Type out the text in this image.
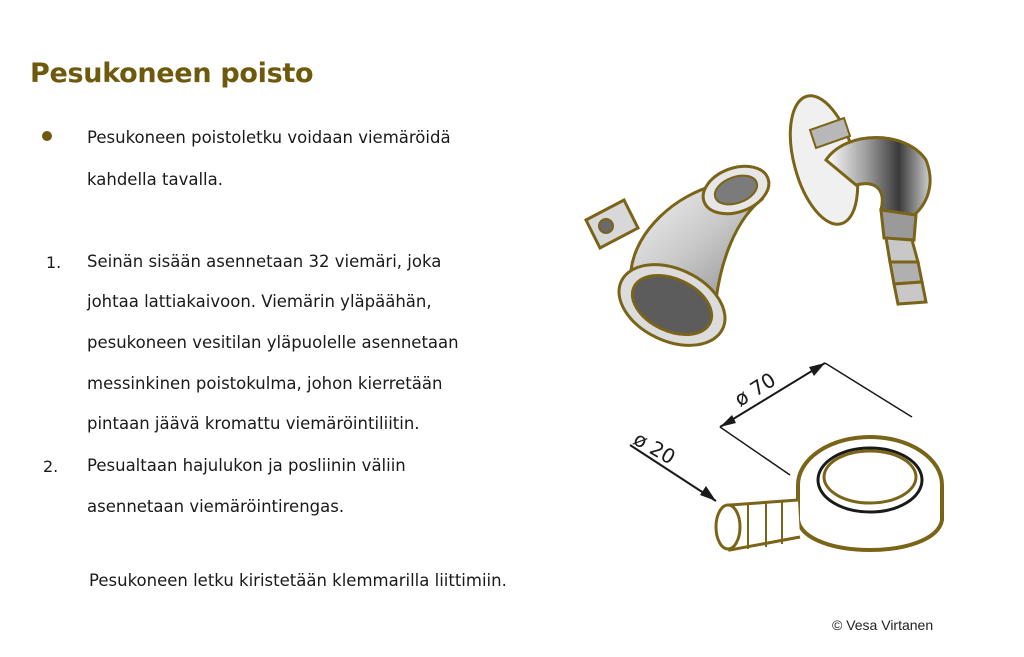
Pesukoneen poisto
Pesukoneen poistoletku voidaan viemäröidä
kahdella tavalla.
1. Seinän sisään asennetaan 32 viemäri, joka
johtaa lattiakaivoon. Viemärin yläpäähän,
pesukoneen vesitilan yläpuolelle asennetaan
messinkinen poistokulma, johon kierretään
pintaan jäävä kromattu viemäröintiliitin.
2. Pesualtaan hajulukon ja posliinin väliin
asennetaan viemäröintirengas.
Pesukoneen letku kiristetään klemmarilla liittimiin.
© Vesa Virtanen
ø 70
ø 20
